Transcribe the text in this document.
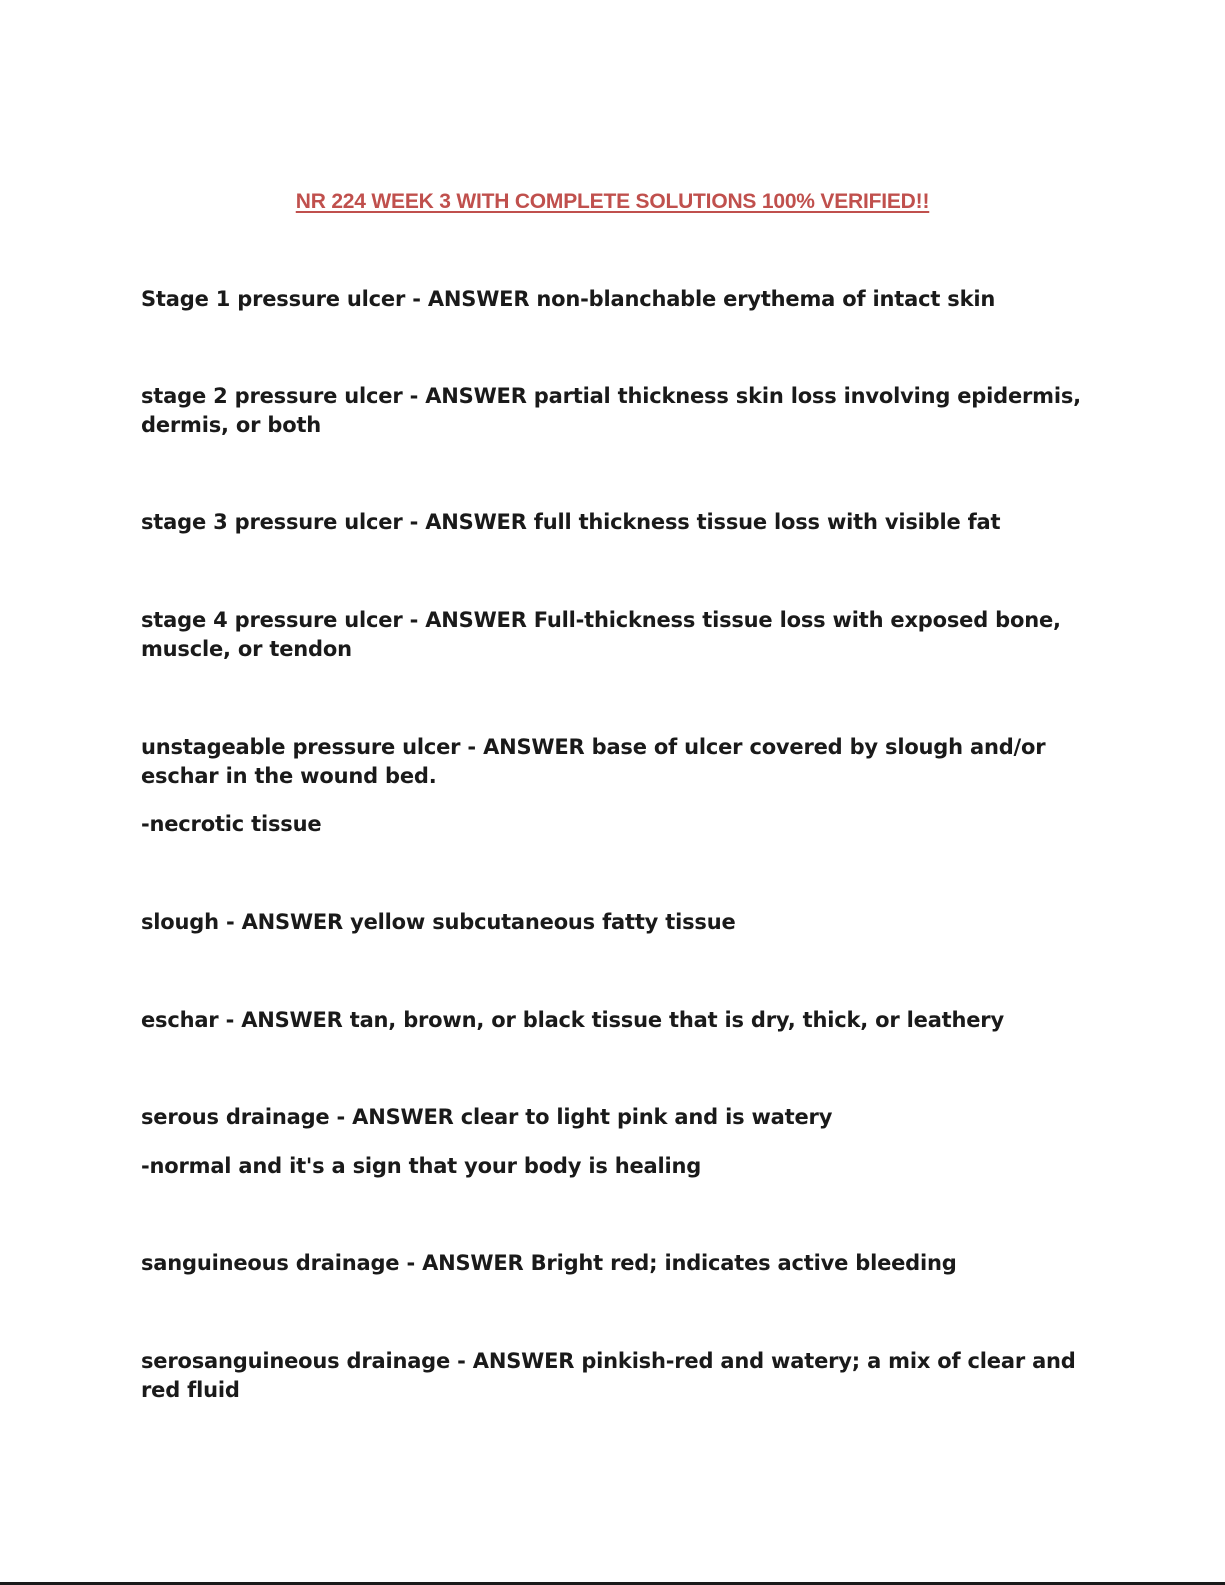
NR 224 WEEK 3 WITH COMPLETE SOLUTIONS 100% VERIFIED!!

Stage 1 pressure ulcer - ANSWER non-blanchable erythema of intact skin

stage 2 pressure ulcer - ANSWER partial thickness skin loss involving epidermis, dermis, or both

stage 3 pressure ulcer - ANSWER full thickness tissue loss with visible fat

stage 4 pressure ulcer - ANSWER Full-thickness tissue loss with exposed bone, muscle, or tendon

unstageable pressure ulcer - ANSWER base of ulcer covered by slough and/or eschar in the wound bed.

-necrotic tissue

slough - ANSWER yellow subcutaneous fatty tissue

eschar - ANSWER tan, brown, or black tissue that is dry, thick, or leathery

serous drainage - ANSWER clear to light pink and is watery

-normal and it's a sign that your body is healing

sanguineous drainage - ANSWER Bright red; indicates active bleeding

serosanguineous drainage - ANSWER pinkish-red and watery; a mix of clear and red fluid
